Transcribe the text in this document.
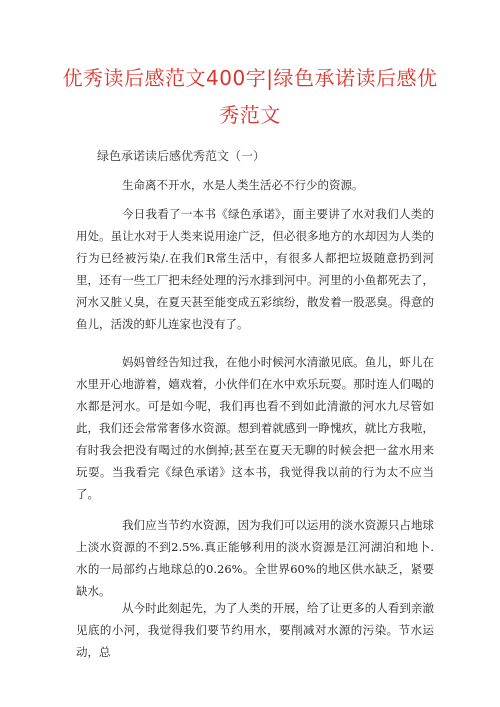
优秀读后感范文400字|绿色承诺读后感优
秀范文
绿色承诺读后感优秀范文（一）

生命离不开水，水是人类生活必不行少的资源。

今日我看了一本书《绿色承诺》，面主要讲了水对我们人类的用处。虽让水对于人类来说用途广泛，但必很多地方的水却因为人类的行为已经被污染/.在我们R常生活中，有很多人都把垃圾随意扔到河里，还有一些工厂把未经处理的污水排到河中。河里的小鱼都死去了，河水又脏乂臭，在夏天甚至能变成五彩缤纷，散发着一股恶臭。得意的鱼儿，活泼的虾儿连家也没有了。

妈妈曾经告知过我，在他小时候河水清澈见底。鱼儿，虾儿在水里开心地游着，嬉戏着，小伙伴们在水中欢乐玩耍。那时连人们喝的水都是河水。可是如今呢，我们再也看不到如此清澈的河水九尽管如此，我们还会常常奢侈水资源。想到着就感到一睁愧疚，就比方我啦，有时我会把没有喝过的水倒掉;甚至在夏天无聊的时候会把一盆水用来玩耍。当我看完《绿色承诺》这本书，我觉得我以前的行为太不应当了。

我们应当节约水资源，因为我们可以运用的淡水资源只占地球上淡水资源的不到2.5%.真正能够利用的淡水资源是江河湖泊和地卜.水的一局部约占地球总的0.26%。全世界60%的地区供水缺乏，紧要缺水。

从今时此刻起先，为了人类的开展，给了让更多的人看到亲澈见底的小河，我觉得我们要节约用水，要削减对水源的污染。节水运动，总
